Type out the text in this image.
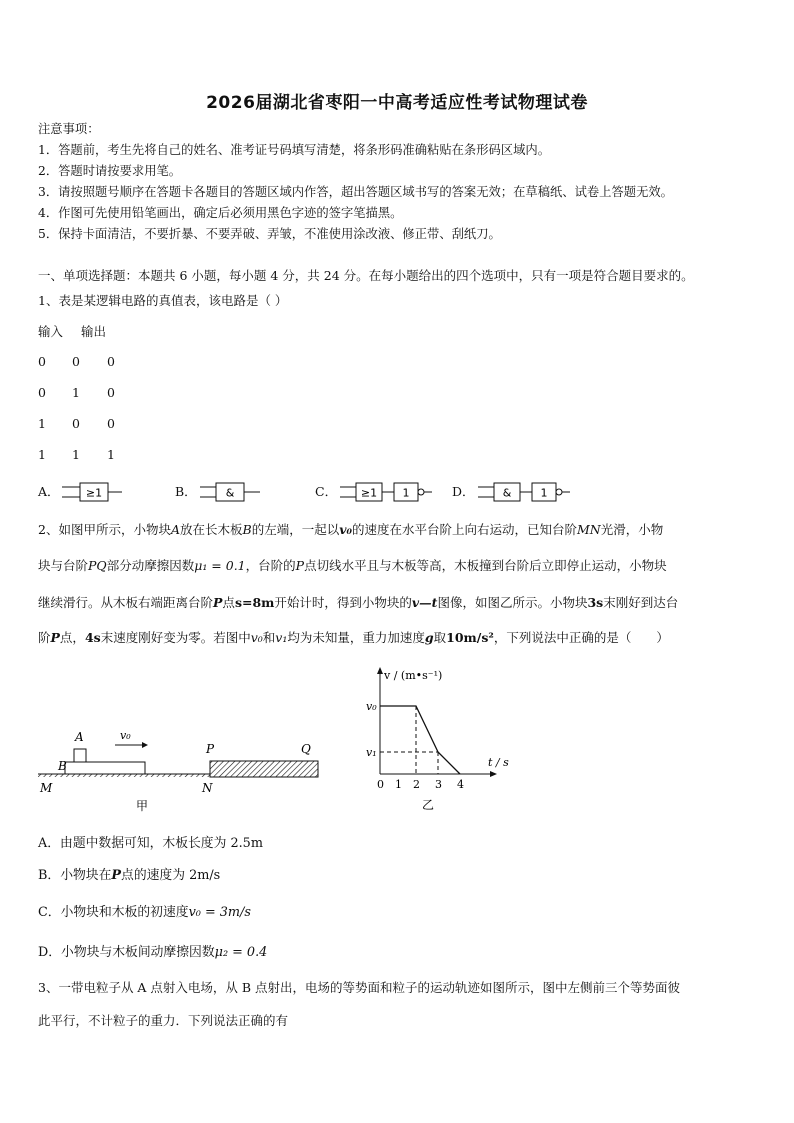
2026届湖北省枣阳一中高考适应性考试物理试卷
注意事项：
1．答题前，考生先将自己的姓名、准考证号码填写清楚，将条形码准确粘贴在条形码区域内。
2．答题时请按要求用笔。
3．请按照题号顺序在答题卡各题目的答题区域内作答，超出答题区域书写的答案无效；在草稿纸、试卷上答题无效。
4．作图可先使用铅笔画出，确定后必须用黑色字迹的签字笔描黑。
5．保持卡面清洁，不要折暴、不要弄破、弄皱，不准使用涂改液、修正带、刮纸刀。
一、单项选择题：本题共 6 小题，每小题 4 分，共 24 分。在每小题给出的四个选项中，只有一项是符合题目要求的。
1、表是某逻辑电路的真值表，该电路是（ ）
输入 输出
0	0	0
0	1	0
1	0	0
1	1	1
A． ≥1	B．	&	C． ≥1 1	D．	&	1
2、如图甲所示，小物块A放在长木板B的左端，一起以v₀的速度在水平台阶上向右运动，已知台阶MN光滑，小物
块与台阶PQ部分动摩擦因数μ₁ = 0.1，台阶的P点切线水平且与木板等高，木板撞到台阶后立即停止运动，小物块
继续滑行。从木板右端距离台阶P点s=8m开始计时，得到小物块的v—t图像，如图乙所示。小物块3s末刚好到达台
阶P点，4s末速度刚好变为零。若图中v₀和v₁均为未知量，重力加速度g取10m/s²，下列说法中正确的是（　　）
A
B
v₀
P	Q
M	N
甲
v / (m•s⁻¹)
t / s
v₀
v₁
0 1 2 3 4
乙
A．由题中数据可知，木板长度为 2.5m
B．小物块在P点的速度为 2m/s
C．小物块和木板的初速度v₀ = 3m/s
D．小物块与木板间动摩擦因数μ₂ = 0.4
3、一带电粒子从 A 点射入电场，从 B 点射出，电场的等势面和粒子的运动轨迹如图所示，图中左侧前三个等势面彼
此平行，不计粒子的重力．下列说法正确的有
